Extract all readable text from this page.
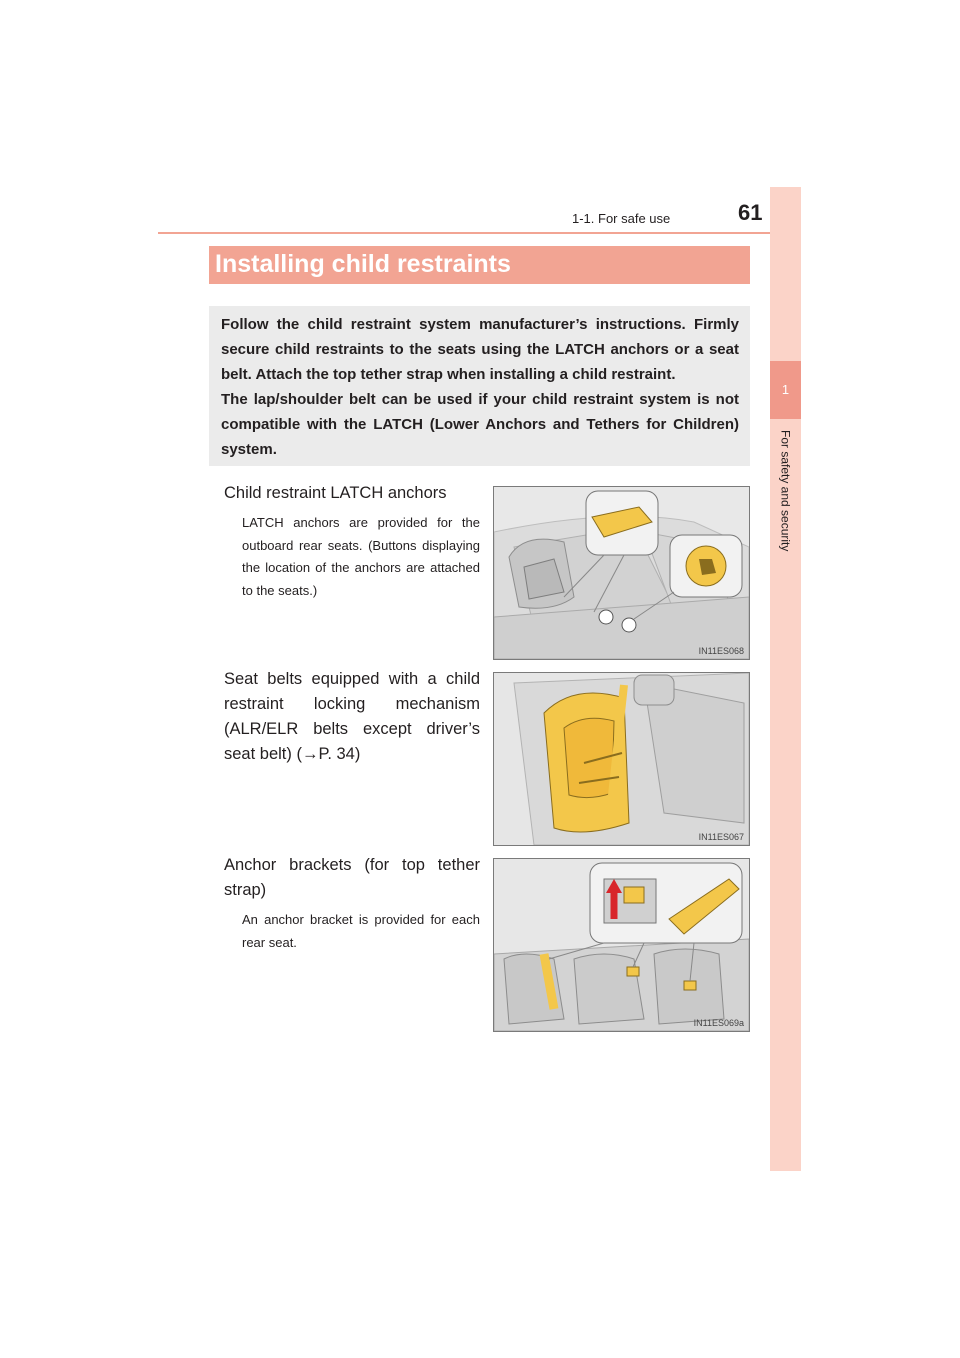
1-1. For safe use	61
1
For safety and security
Installing child restraints

Follow the child restraint system manufacturer’s instructions. Firmly secure child restraints to the seats using the LATCH anchors or a seat belt. Attach the top tether strap when installing a child restraint.

The lap/shoulder belt can be used if your child restraint system is not compatible with the LATCH (Lower Anchors and Tethers for Children) system.

Child restraint LATCH anchors
LATCH anchors are provided for the outboard rear seats. (Buttons displaying the location of the anchors are attached to the seats.)
IN11ES068
Seat belts equipped with a child restraint locking mechanism (ALR/ELR belts except driver’s seat belt) (→P. 34)
IN11ES067
Anchor brackets (for top tether strap)
An anchor bracket is provided for each rear seat.
IN11ES069a
